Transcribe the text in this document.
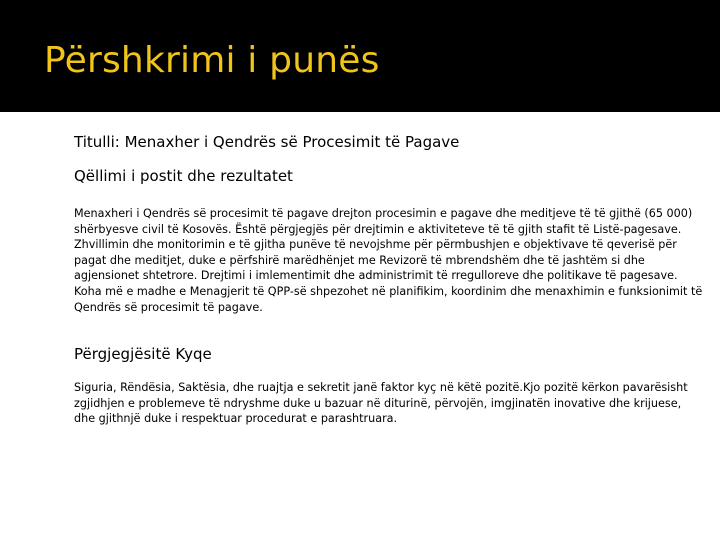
Përshkrimi i punës
Titulli: Menaxher i Qendrës së Procesimit të Pagave
Qëllimi i postit dhe rezultatet
Menaxheri i Qendrës së procesimit të pagave drejton procesimin e pagave dhe meditjeve të të gjithë (65 000) shërbyesve civil të Kosovës. Është përgjegjës për drejtimin e aktiviteteve të të gjith stafit të Listë-pagesave. Zhvillimin dhe monitorimin e të gjitha punëve të nevojshme për përmbushjen e objektivave të qeverisë për pagat dhe meditjet, duke e përfshirë marëdhënjet me Revizorë të mbrendshëm dhe të jashtëm si dhe agjensionet shtetrore. Drejtimi i imlementimit dhe administrimit të rregulloreve dhe politikave të pagesave.
Koha më e madhe e Menagjerit të QPP-së shpezohet në planifikim, koordinim dhe menaxhimin e funksionimit të Qendrës së procesimit të pagave.
Përgjegjësitë Kyqe
Siguria, Rëndësia, Saktësia, dhe ruajtja e sekretit janë faktor kyç në këtë pozitë.Kjo pozitë kërkon pavarësisht zgjidhjen e problemeve të ndryshme duke u bazuar në diturinë, përvojën, imgjinatën inovative dhe krijuese, dhe gjithnjë duke i respektuar procedurat e parashtruara.
